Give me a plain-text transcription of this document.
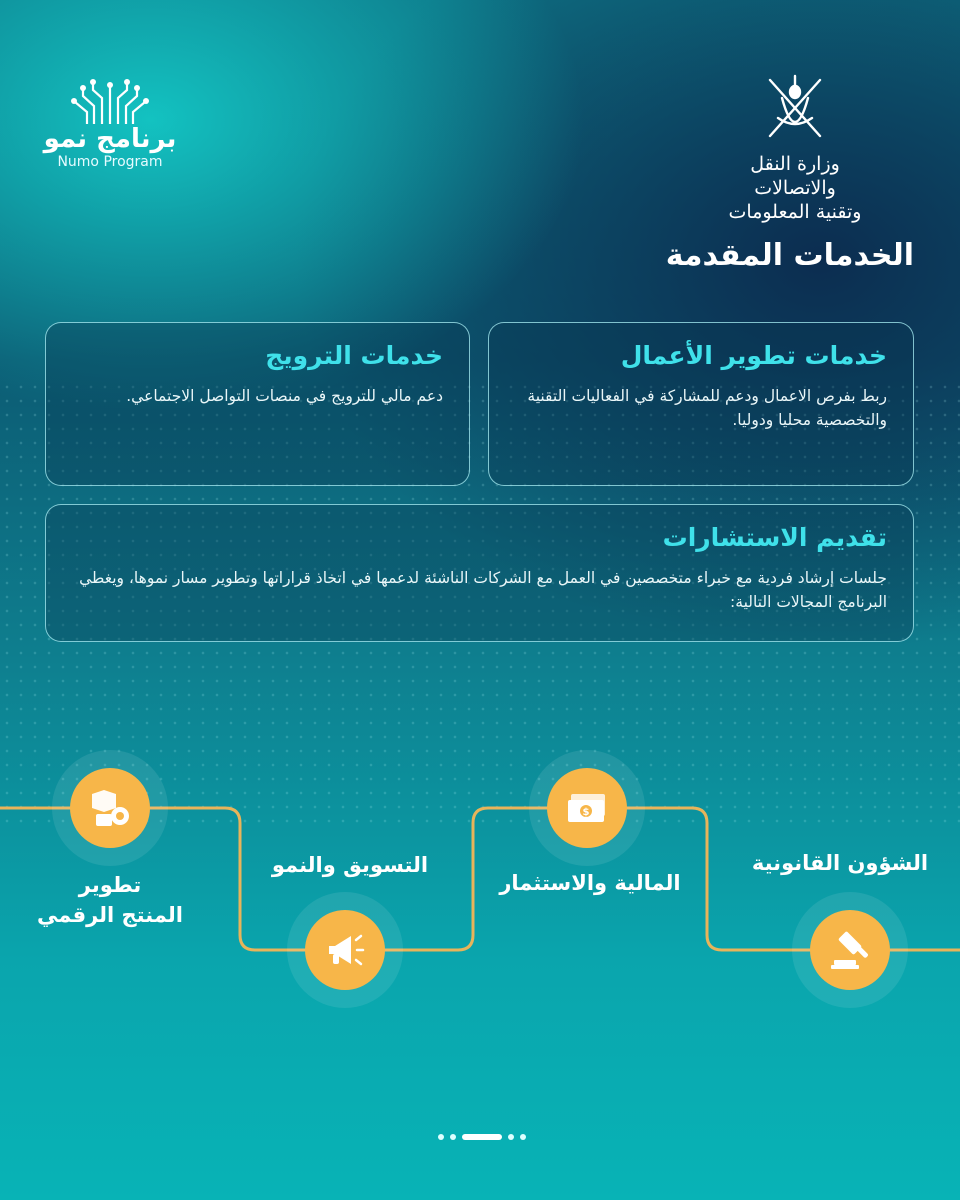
وزارة النقل والاتصالات
وتقنية المعلومات
برنامج نمو
Numo Program
الخدمات المقدمة
خدمات تطوير الأعمال

ربط بفرص الاعمال ودعم للمشاركة في الفعاليات التقنية والتخصصية محليا ودوليا.

خدمات الترويج

دعم مالي للترويج في منصات التواصل الاجتماعي.

تقديم الاستشارات

جلسات إرشاد فردية مع خبراء متخصصين في العمل مع الشركات الناشئة لدعمها في اتخاذ قراراتها وتطوير مسار نموها، ويغطي البرنامج المجالات التالية:

$
الشؤون القانونية
المالية والاستثمار
التسويق والنمو
تطوير
المنتج الرقمي
